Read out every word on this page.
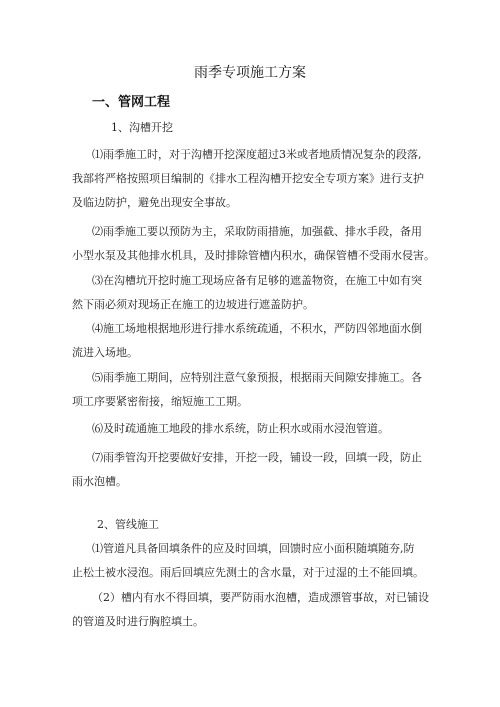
雨季专项施工方案
一、管网工程
1、沟槽开挖
⑴雨季施工时，对于沟槽开挖深度超过3米或者地质情况复杂的段落,
我部将严格按照项目编制的《排水工程沟槽开挖安全专项方案》进行支护
及临边防护，避免出现安全事故。
⑵雨季施工要以预防为主，采取防雨措施，加强截、排水手段，备用
小型水泵及其他排水机具，及时排除管槽内积水，确保管槽不受雨水侵害。
⑶在沟槽坑开挖时施工现场应备有足够的遮盖物资，在施工中如有突
然下雨必须对现场正在施工的边坡进行遮盖防护。
⑷施工场地根据地形进行排水系统疏通，不积水，严防四邻地面水倒
流进入场地。
⑸雨季施工期间，应特别注意气象预报，根据雨天间隙安排施工。各
项工序要紧密衔接，缩短施工工期。
⑹及时疏通施工地段的排水系统，防止积水或雨水浸泡管道。
⑺雨季管沟开挖要做好安排，开挖一段，铺设一段，回填一段，防止
雨水泡槽。
2、管线施工
⑴管道凡具备回填条件的应及时回填，回馈时应小面积随填随夯,防
止松土被水浸泡。雨后回填应先测土的含水量，对于过湿的土不能回填。
（2）槽内有水不得回填，要严防雨水泡槽，造成漂管事故，对已铺设
的管道及时进行胸腔填土。
